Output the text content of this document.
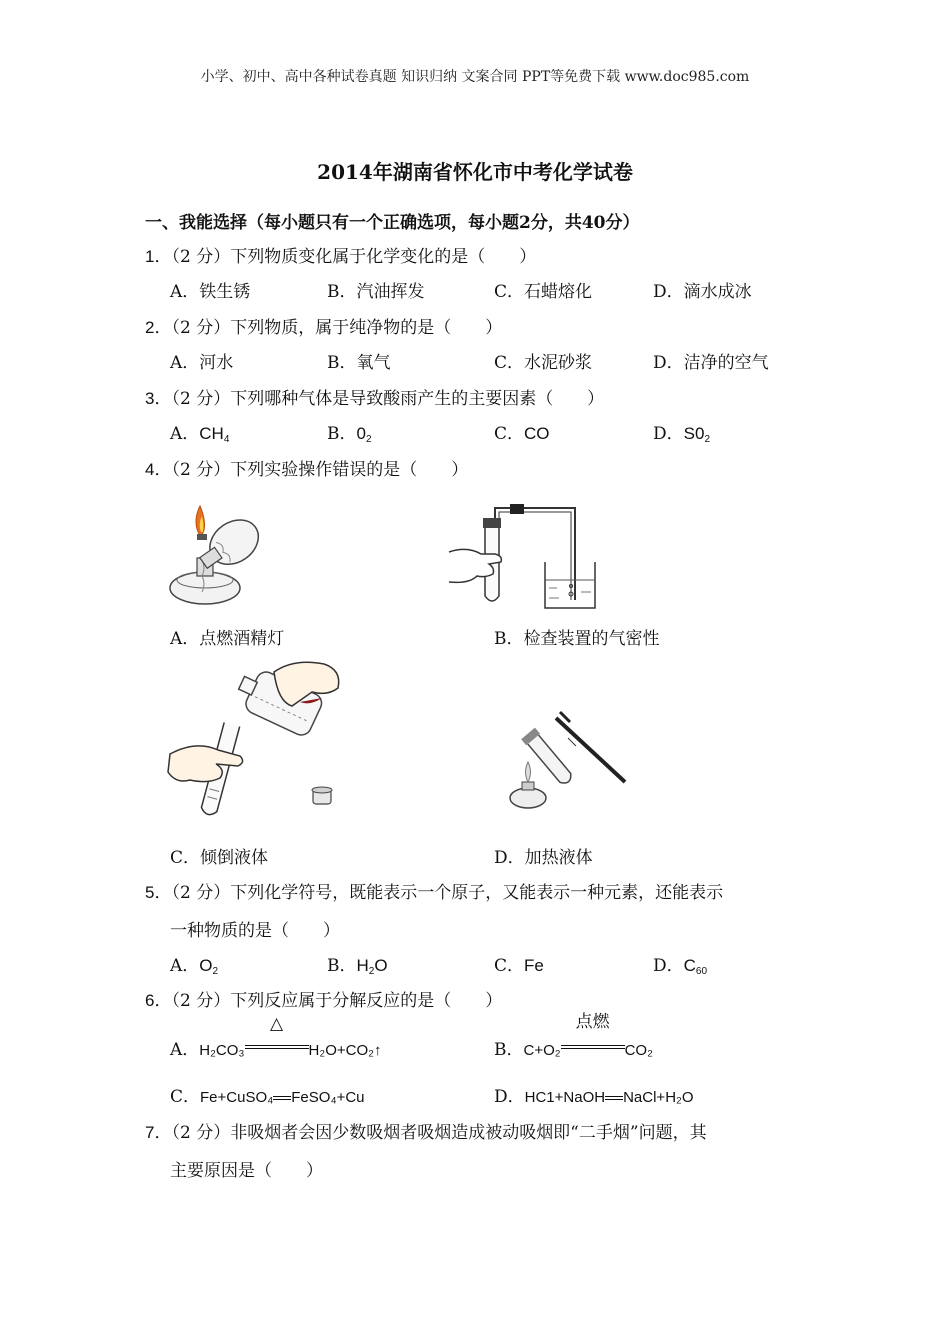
小学、初中、高中各种试卷真题 知识归纳 文案合同 PPT等免费下载 www.doc985.com
2014年湖南省怀化市中考化学试卷
一、我能选择（每小题只有一个正确选项，每小题2分，共40分）
1．（2 分）下列物质变化属于化学变化的是（　　）
A．铁生锈	B．汽油挥发	C．石蜡熔化	D．滴水成冰
2．（2 分）下列物质，属于纯净物的是（　　）
A．河水	B．氧气	C．水泥砂浆	D．洁净的空气
3．（2 分）下列哪种气体是导致酸雨产生的主要因素（　　）
A．$CH_4$	B．$0_2$	C．CO	D．$S0_2$
4．（2 分）下列实验操作错误的是（　　）
A．点燃酒精灯	B．检查装置的气密性
C．倾倒液体	D．加热液体
5．（2 分）下列化学符号，既能表示一个原子，又能表示一种元素，还能表示
一种物质的是（　　）
A．$O_2$	B．$H_2O$	C．Fe	D．$C_{60}$
6．（2 分）下列反应属于分解反应的是（　　）
A．H₂CO₃
△
H₂O+CO₂↑	B．C+O₂
点燃
CO₂
C．Fe+CuSO₄ FeSO₄+Cu	D．HC1+NaOH NaCl+H₂O
7．（2 分）非吸烟者会因少数吸烟者吸烟造成被动吸烟即“二手烟”问题，其
主要原因是（　　）
